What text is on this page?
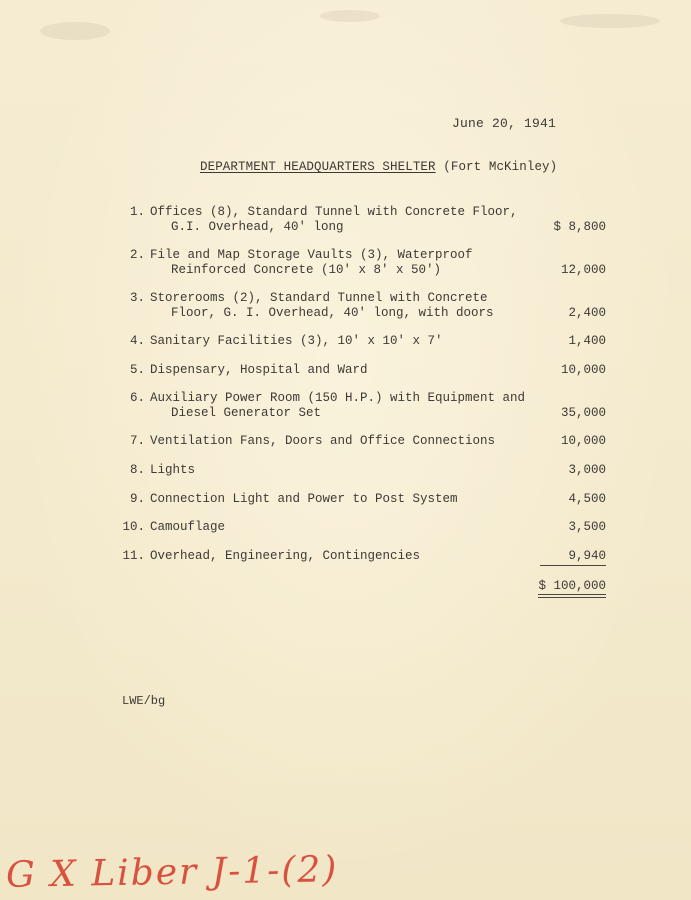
June 20, 1941
DEPARTMENT HEADQUARTERS SHELTER (Fort McKinley)
1. Offices (8), Standard Tunnel with Concrete Floor,
G.I. Overhead, 40' long	$ 8,800
2. File and Map Storage Vaults (3), Waterproof
Reinforced Concrete (10' x 8' x 50')	12,000
3. Storerooms (2), Standard Tunnel with Concrete
Floor, G. I. Overhead, 40' long, with doors	2,400
4. Sanitary Facilities (3), 10' x 10' x 7'	1,400
5. Dispensary, Hospital and Ward	10,000
6. Auxiliary Power Room (150 H.P.) with Equipment and
Diesel Generator Set	35,000
7. Ventilation Fans, Doors and Office Connections	10,000
8. Lights	3,000
9. Connection Light and Power to Post System	4,500
10. Camouflage	3,500
11. Overhead, Engineering, Contingencies	9,940
$ 100,000
LWE/bg
G X Liber J-1-(2)
